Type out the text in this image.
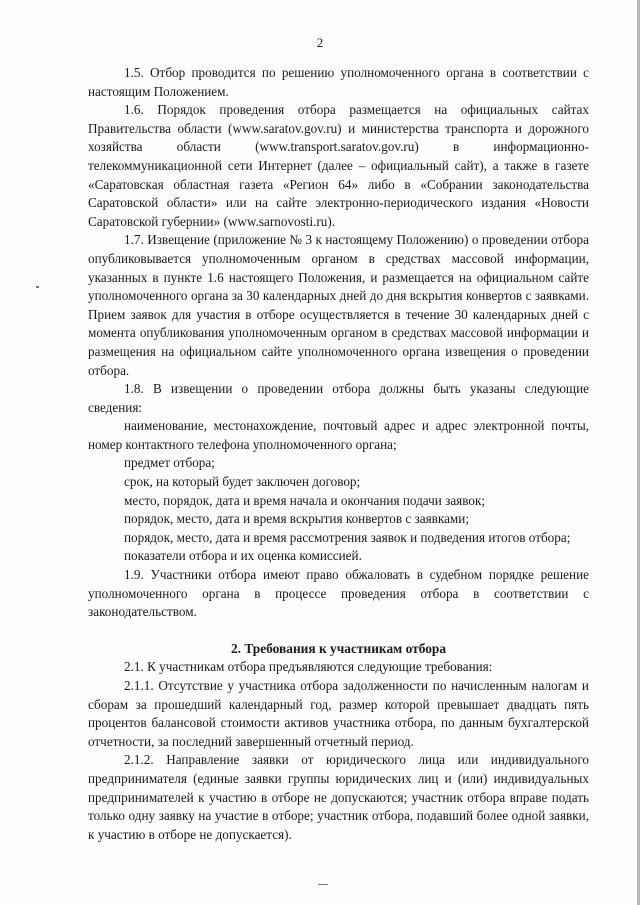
2

1.5. Отбор проводится по решению уполномоченного органа в соответствии с настоящим Положением.

1.6. Порядок проведения отбора размещается на официальных сайтах Правительства области (www.saratov.gov.ru) и министерства транспорта и дорожного хозяйства области (www.transport.saratov.gov.ru) в информационно-телекоммуникационной сети Интернет (далее – официальный сайт), а также в газете «Саратовская областная газета «Регион 64» либо в «Собрании законодательства Саратовской области» или на сайте электронно-периодического издания «Новости Саратовской губернии» (www.sarnovosti.ru).

1.7. Извещение (приложение № 3 к настоящему Положению) о проведении отбора опубликовывается уполномоченным органом в средствах массовой информации, указанных в пункте 1.6 настоящего Положения, и размещается на официальном сайте уполномоченного органа за 30 календарных дней до дня вскрытия конвертов с заявками. Прием заявок для участия в отборе осуществляется в течение 30 календарных дней с момента опубликования уполномоченным органом в средствах массовой информации и размещения на официальном сайте уполномоченного органа извещения о проведении отбора.

1.8. В извещении о проведении отбора должны быть указаны следующие сведения:

наименование, местонахождение, почтовый адрес и адрес электронной почты, номер контактного телефона уполномоченного органа;

предмет отбора;

срок, на который будет заключен договор;

место, порядок, дата и время начала и окончания подачи заявок;

порядок, место, дата и время вскрытия конвертов с заявками;

порядок, место, дата и время рассмотрения заявок и подведения итогов отбора;

показатели отбора и их оценка комиссией.

1.9. Участники отбора имеют право обжаловать в судебном порядке решение уполномоченного органа в процессе проведения отбора в соответствии с законодательством.

2. Требования к участникам отбора

2.1. К участникам отбора предъявляются следующие требования:

2.1.1. Отсутствие у участника отбора задолженности по начисленным налогам и сборам за прошедший календарный год, размер которой превышает двадцать пять процентов балансовой стоимости активов участника отбора, по данным бухгалтерской отчетности, за последний завершенный отчетный период.

2.1.2. Направление заявки от юридического лица или индивидуального предпринимателя (единые заявки группы юридических лиц и (или) индивидуальных предпринимателей к участию в отборе не допускаются; участник отбора вправе подать только одну заявку на участие в отборе; участник отбора, подавший более одной заявки, к участию в отборе не допускается).
